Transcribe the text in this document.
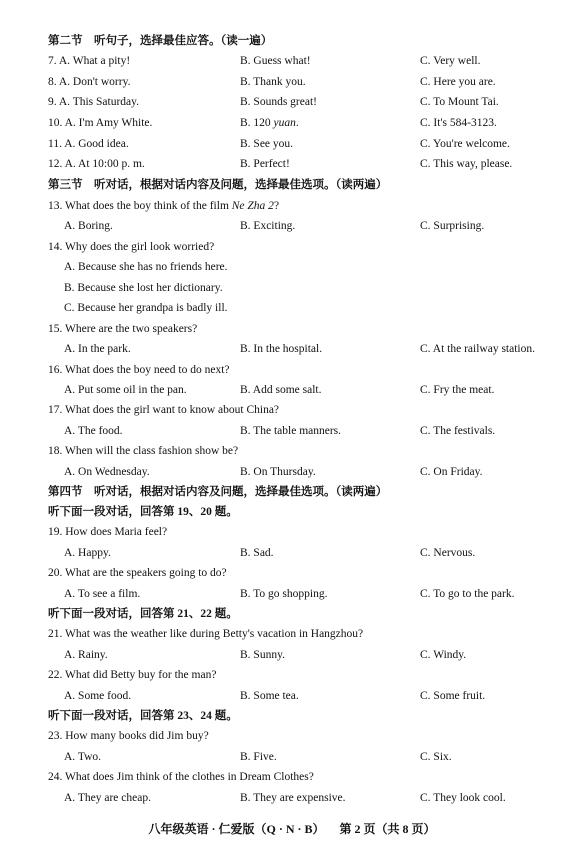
第二节　听句子，选择最佳应答。（读一遍）
7. A. What a pity!	B. Guess what!	C. Very well.
8. A. Don't worry.	B. Thank you.	C. Here you are.
9. A. This Saturday.	B. Sounds great!	C. To Mount Tai.
10. A. I'm Amy White.	B. 120 yuan.	C. It's 584-3123.
11. A. Good idea.	B. See you.	C. You're welcome.
12. A. At 10:00 p. m.	B. Perfect!	C. This way, please.
第三节　听对话，根据对话内容及问题，选择最佳选项。（读两遍）
13. What does the boy think of the film Ne Zha 2?
A. Boring.	B. Exciting.	C. Surprising.
14. Why does the girl look worried?
A. Because she has no friends here.
B. Because she lost her dictionary.
C. Because her grandpa is badly ill.
15. Where are the two speakers?
A. In the park.	B. In the hospital.	C. At the railway station.
16. What does the boy need to do next?
A. Put some oil in the pan.	B. Add some salt.	C. Fry the meat.
17. What does the girl want to know about China?
A. The food.	B. The table manners.	C. The festivals.
18. When will the class fashion show be?
A. On Wednesday.	B. On Thursday.	C. On Friday.
第四节　听对话，根据对话内容及问题，选择最佳选项。（读两遍）
听下面一段对话，回答第 19、20 题。
19. How does Maria feel?
A. Happy.	B. Sad.	C. Nervous.
20. What are the speakers going to do?
A. To see a film.	B. To go shopping.	C. To go to the park.
听下面一段对话，回答第 21、22 题。
21. What was the weather like during Betty's vacation in Hangzhou?
A. Rainy.	B. Sunny.	C. Windy.
22. What did Betty buy for the man?
A. Some food.	B. Some tea.	C. Some fruit.
听下面一段对话，回答第 23、24 题。
23. How many books did Jim buy?
A. Two.	B. Five.	C. Six.
24. What does Jim think of the clothes in Dream Clothes?
A. They are cheap.	B. They are expensive.	C. They look cool.
八年级英语 · 仁爱版（Q · N · B） 第 2 页（共 8 页）
